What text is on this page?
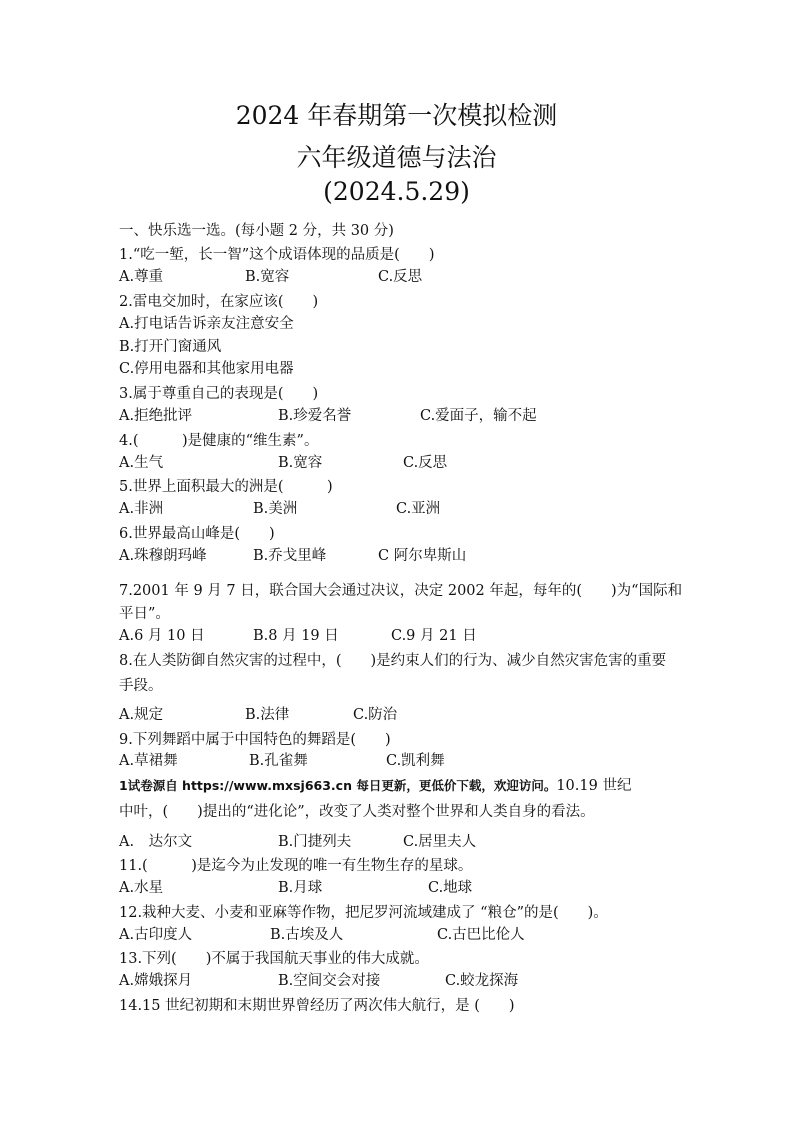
2024 年春期第一次模拟检测
六年级道德与法治
(2024.5.29)
一、快乐选一选。(每小题 2 分，共 30 分)
1.“吃一堑，长一智”这个成语体现的品质是(　　)
A.尊重	B.宽容	C.反思
2.雷电交加时，在家应该(　　)
A.打电话告诉亲友注意安全
B.打开门窗通风
C.停用电器和其他家用电器
3.属于尊重自己的表现是(　　)
A.拒绝批评	B.珍爱名誉	C.爱面子，输不起
4.(　　　)是健康的“维生素”。
A.生气	B.宽容	C.反思
5.世界上面积最大的洲是(　　　)
A.非洲	B.美洲	C.亚洲
6.世界最高山峰是(　　)
A.珠穆朗玛峰	B.乔戈里峰	C 阿尔卑斯山
7.2001 年 9 月 7 日，联合国大会通过决议，决定 2002 年起，每年的(　　)为“国际和
平日”。
A.6 月 10 日	B.8 月 19 日	C.9 月 21 日
8.在人类防御自然灾害的过程中，(　　)是约束人们的行为、减少自然灾害危害的重要
手段。
A.规定	B.法律	C.防治
9.下列舞蹈中属于中国特色的舞蹈是(　　)
A.草裙舞	B.孔雀舞	C.凯利舞
1试卷源自 https://www.mxsj663.cn 每日更新，更低价下载，欢迎访问。10.19 世纪
中叶，(　　)提出的“进化论”，改变了人类对整个世界和人类自身的看法。
A.　达尔文	B.门捷列夫	C.居里夫人
11.(　　　)是迄今为止发现的唯一有生物生存的星球。
A.水星	B.月球	C.地球
12.栽种大麦、小麦和亚麻等作物，把尼罗河流域建成了 “粮仓”的是(　　)。
A.古印度人	B.古埃及人	C.古巴比伦人
13.下列(　　)不属于我国航天事业的伟大成就。
A.嫦娥探月	B.空间交会对接	C.蛟龙探海
14.15 世纪初期和末期世界曾经历了两次伟大航行，是 (　　)
